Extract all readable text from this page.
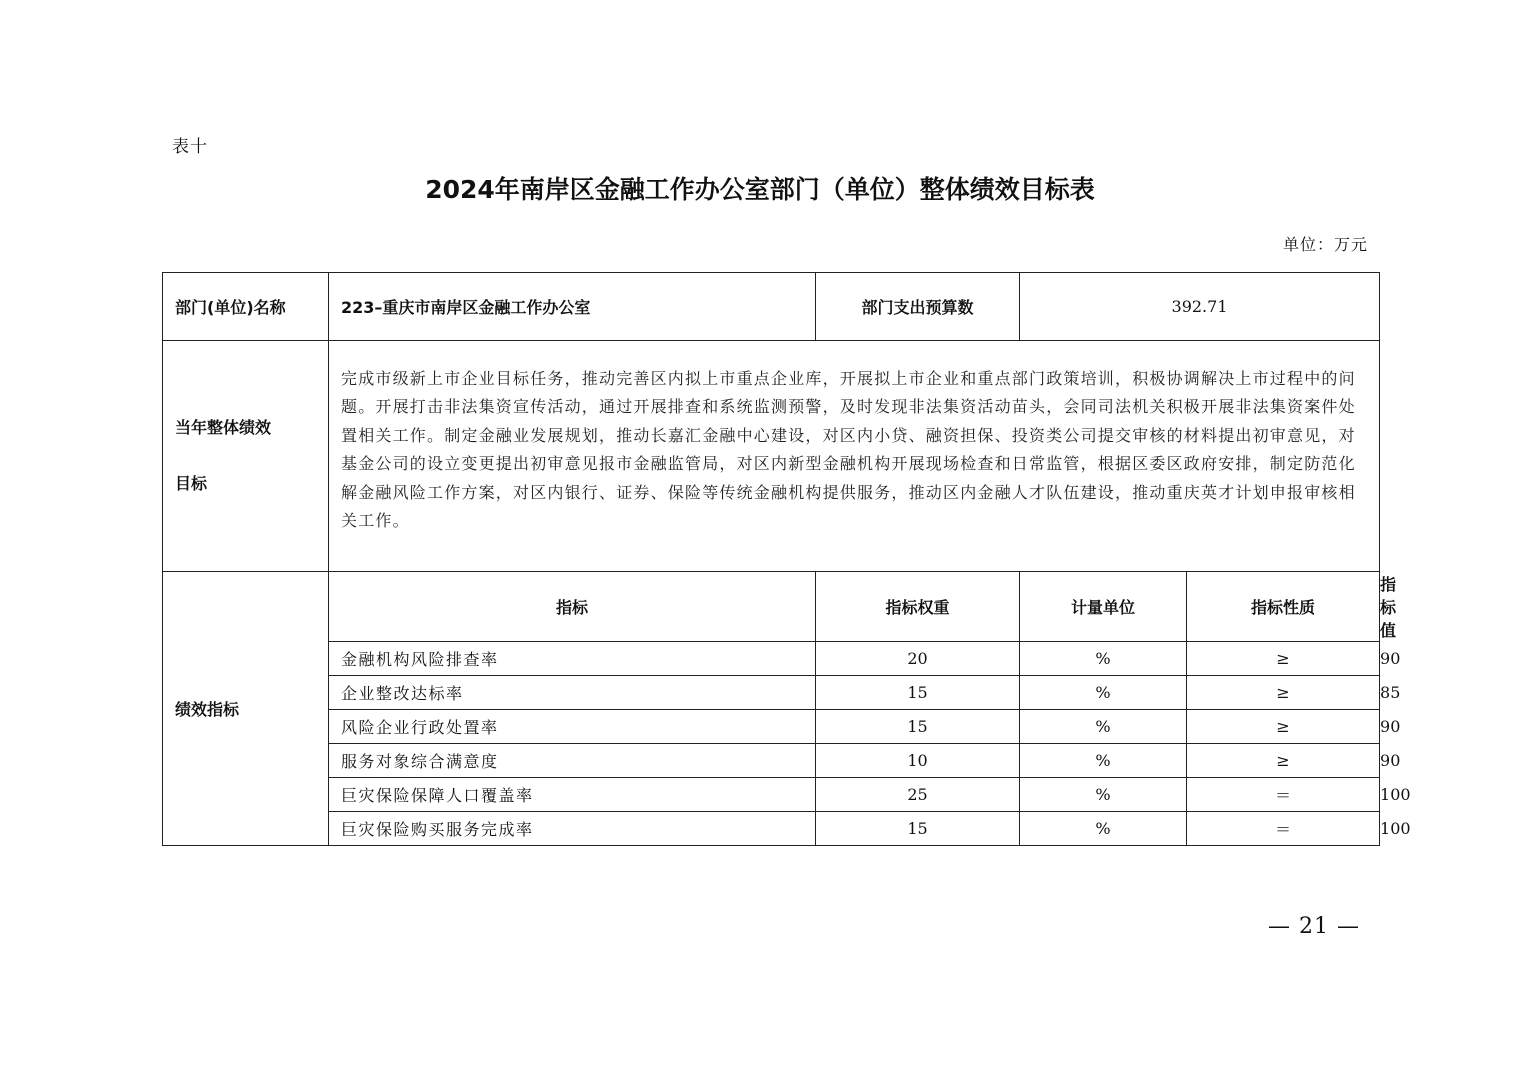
表十
2024年南岸区金融工作办公室部门（单位）整体绩效目标表
单位：万元
部门(单位)名称	223–重庆市南岸区金融工作办公室	部门支出预算数	392.71		

当年整体绩效
目标	完成市级新上市企业目标任务，推动完善区内拟上市重点企业库，开展拟上市企业和重点部门政策培训，积极协调解决上市过程中的问题。开展打击非法集资宣传活动，通过开展排查和系统监测预警，及时发现非法集资活动苗头，会同司法机关积极开展非法集资案件处置相关工作。制定金融业发展规划，推动长嘉汇金融中心建设，对区内小贷、融资担保、投资类公司提交审核的材料提出初审意见，对基金公司的设立变更提出初审意见报市金融监管局，对区内新型金融机构开展现场检查和日常监管，根据区委区政府安排，制定防范化解金融风险工作方案，对区内银行、证券、保险等传统金融机构提供服务，推动区内金融人才队伍建设，推动重庆英才计划申报审核相关工作。				
绩效指标	指标	指标权重	计量单位	指标性质	指标值
	金融机构风险排查率	20	%	≥	90
	企业整改达标率	15	%	≥	85
	风险企业行政处置率	15	%	≥	90
	服务对象综合满意度	10	%	≥	90
	巨灾保险保障人口覆盖率	25	%	＝	100
	巨灾保险购买服务完成率	15	%	＝	100
— 21 —
